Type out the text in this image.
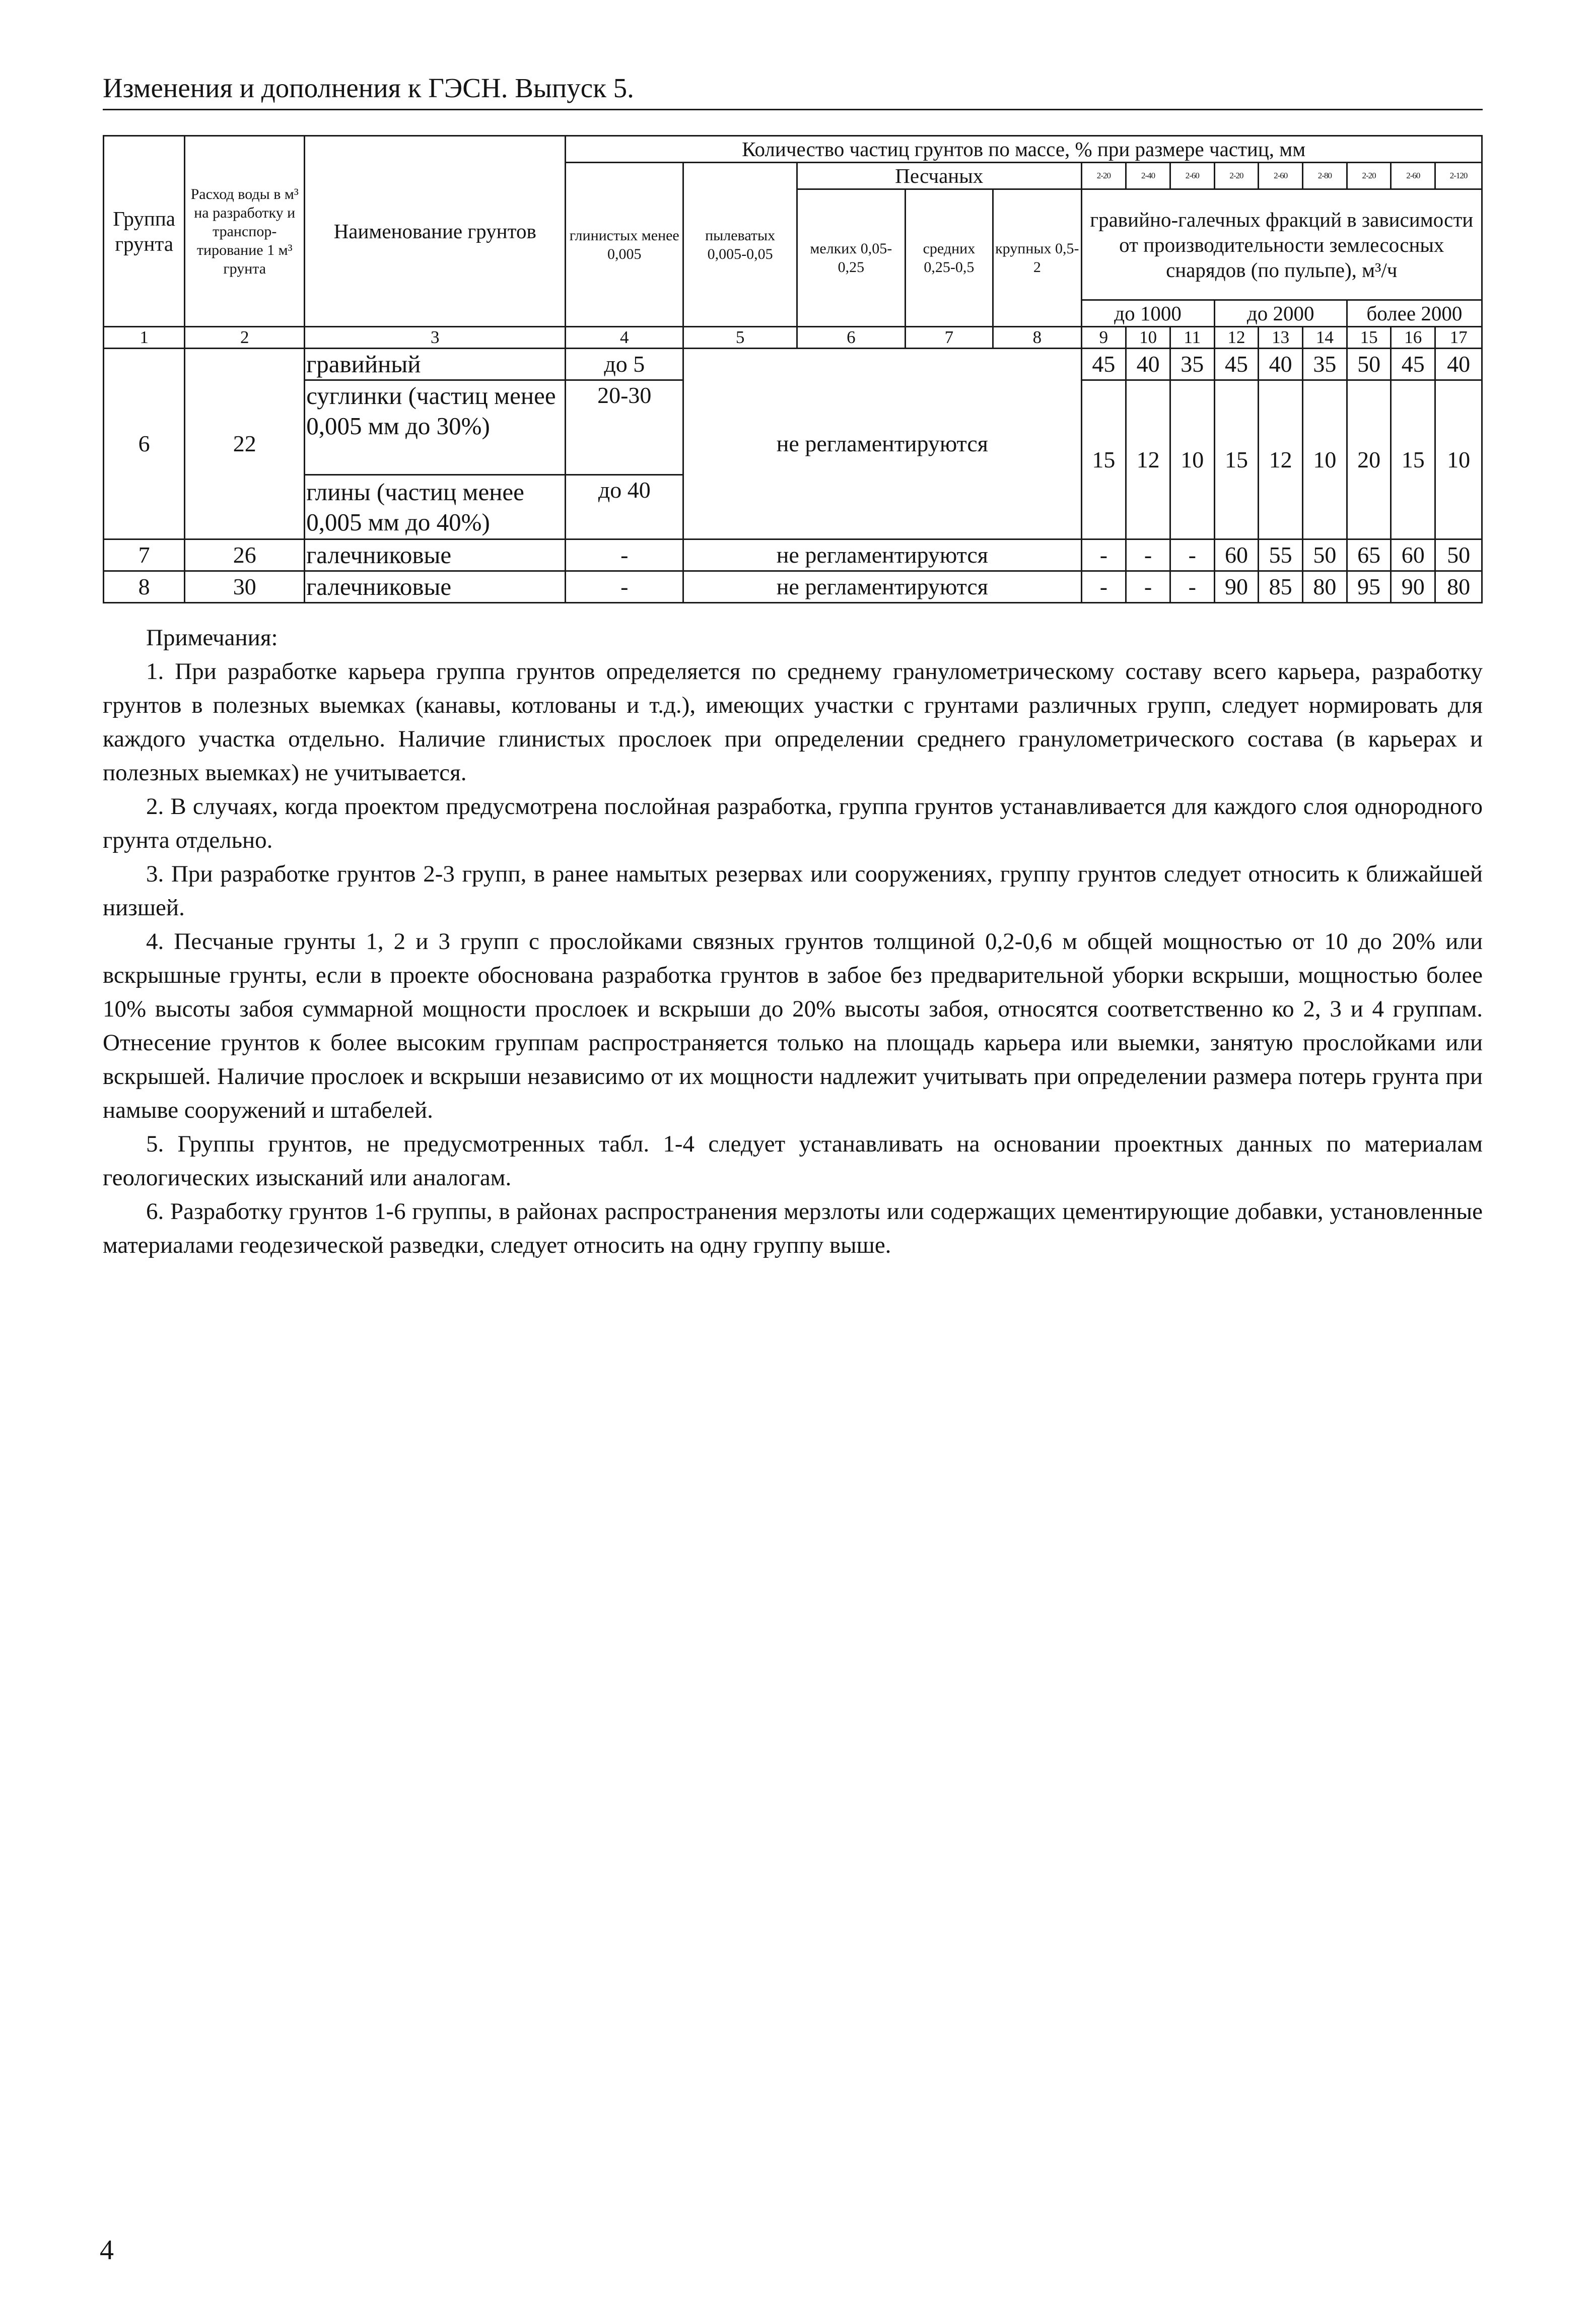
Изменения и дополнения к ГЭСН. Выпуск 5.
Группа грунта	Расход воды в м³ на разработку и транспор-тирование 1 м³ грунта	Наименование грунтов	Количество частиц грунтов по массе, % при размере частиц, мм													
			глинистых менее 0,005	пылеватых 0,005-0,05	Песчаных			2-20	2-40	2-60	2-20	2-60	2-80	2-20	2-60	2-120
					мелких 0,05-0,25	средних 0,25-0,5	крупных 0,5-2	гравийно-галечных фракций в зависимости от производительности землесосных снарядов (по пульпе), м³/ч								
								до 1000			до 2000			более 2000		
1	2	3	4	5	6	7	8	9	10	11	12	13	14	15	16	17
6	22	гравийный	до 5	не регламентируются				45	40	35	45	40	35	50	45	40
		суглинки (частиц менее 0,005 мм до 30%)	20-30					15	12	10	15	12	10	20	15	10
		глины (частиц менее 0,005 мм до 40%)	до 40													
7	26	галечниковые	-	не регламентируются				-	-	-	60	55	50	65	60	50
8	30	галечниковые	-	не регламентируются				-	-	-	90	85	80	95	90	80

Примечания:

1. При разработке карьера группа грунтов определяется по среднему гранулометрическому составу всего карьера, разработку грунтов в полезных выемках (канавы, котлованы и т.д.), имеющих участки с грунтами различных групп, следует нормировать для каждого участка отдельно. Наличие глинистых прослоек при определении среднего гранулометрического состава (в карьерах и полезных выемках) не учитывается.

2. В случаях, когда проектом предусмотрена послойная разработка, группа грунтов устанавливается для каждого слоя однородного грунта отдельно.

3. При разработке грунтов 2-3 групп, в ранее намытых резервах или сооружениях, группу грунтов следует относить к ближайшей низшей.

4. Песчаные грунты 1, 2 и 3 групп с прослойками связных грунтов толщиной 0,2-0,6 м общей мощностью от 10 до 20% или вскрышные грунты, если в проекте обоснована разработка грунтов в забое без предварительной уборки вскрыши, мощностью более 10% высоты забоя суммарной мощности прослоек и вскрыши до 20% высоты забоя, относятся соответственно ко 2, 3 и 4 группам. Отнесение грунтов к более высоким группам распространяется только на площадь карьера или выемки, занятую прослойками или вскрышей. Наличие прослоек и вскрыши независимо от их мощности надлежит учитывать при определении размера потерь грунта при намыве сооружений и штабелей.

5. Группы грунтов, не предусмотренных табл. 1-4 следует устанавливать на основании проектных данных по материалам геологических изысканий или аналогам.

6. Разработку грунтов 1-6 группы, в районах распространения мерзлоты или содержащих цементирующие добавки, установленные материалами геодезической разведки, следует относить на одну группу выше.

4
